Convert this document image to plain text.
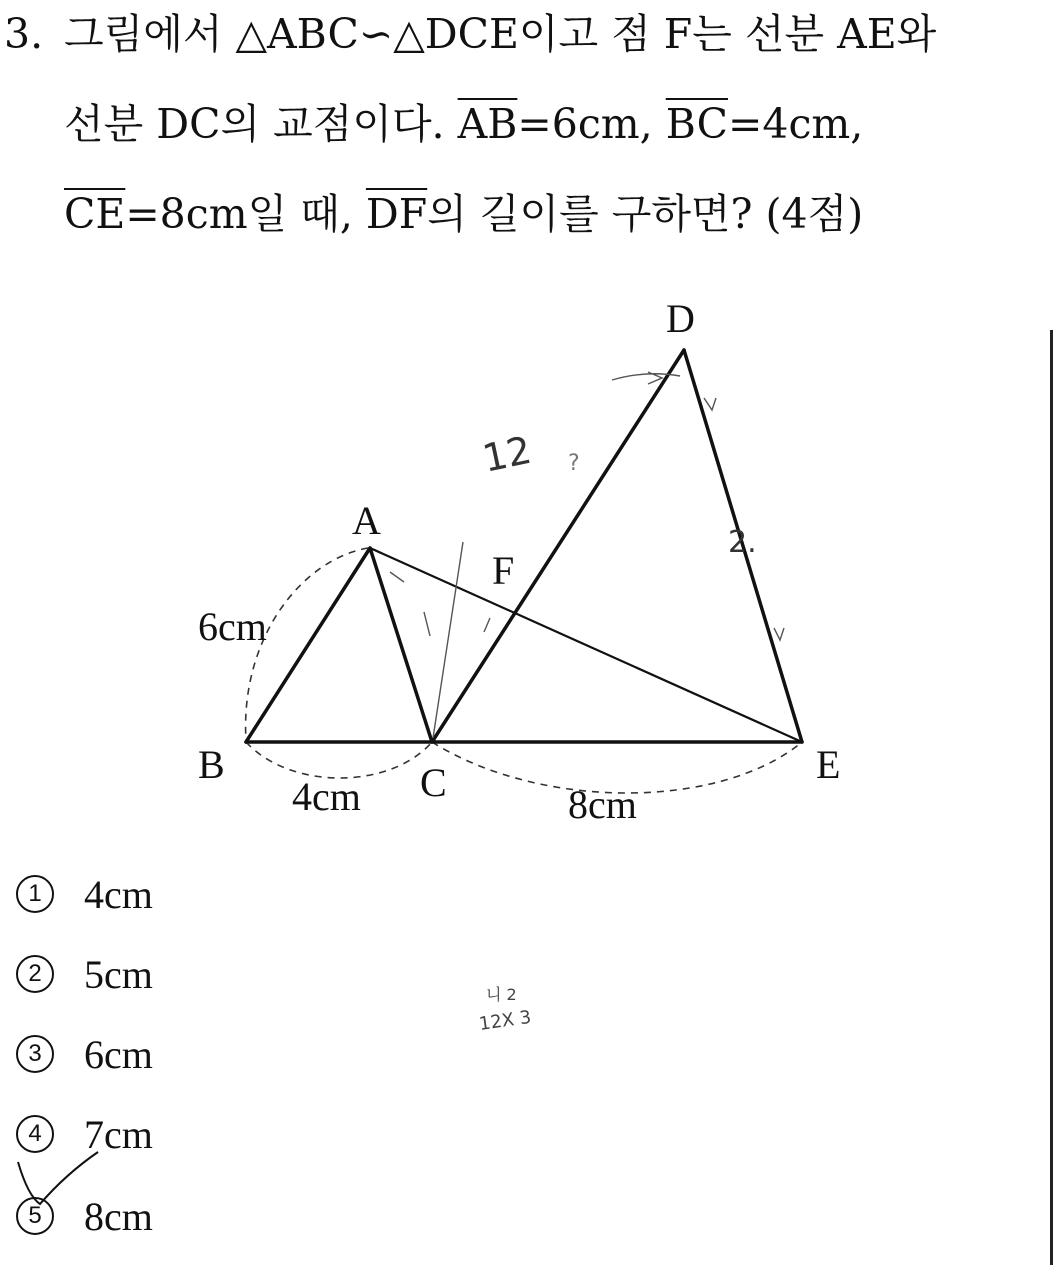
3. 그림에서 △ABC∽△DCE이고 점 F는 선분 AE와
선분 DC의 교점이다. $\overline{AB}=6cm$, $\overline{BC}=4cm$,
$\overline{CE}=8cm$일 때, $\overline{DF}$의 길이를 구하면? (4점)
A
B	C
D
E
F
6cm
4cm	8cm
12 ?
2.
니 2
12X 3
1	4cm
2	5cm
3	6cm
4	7cm
5	8cm
